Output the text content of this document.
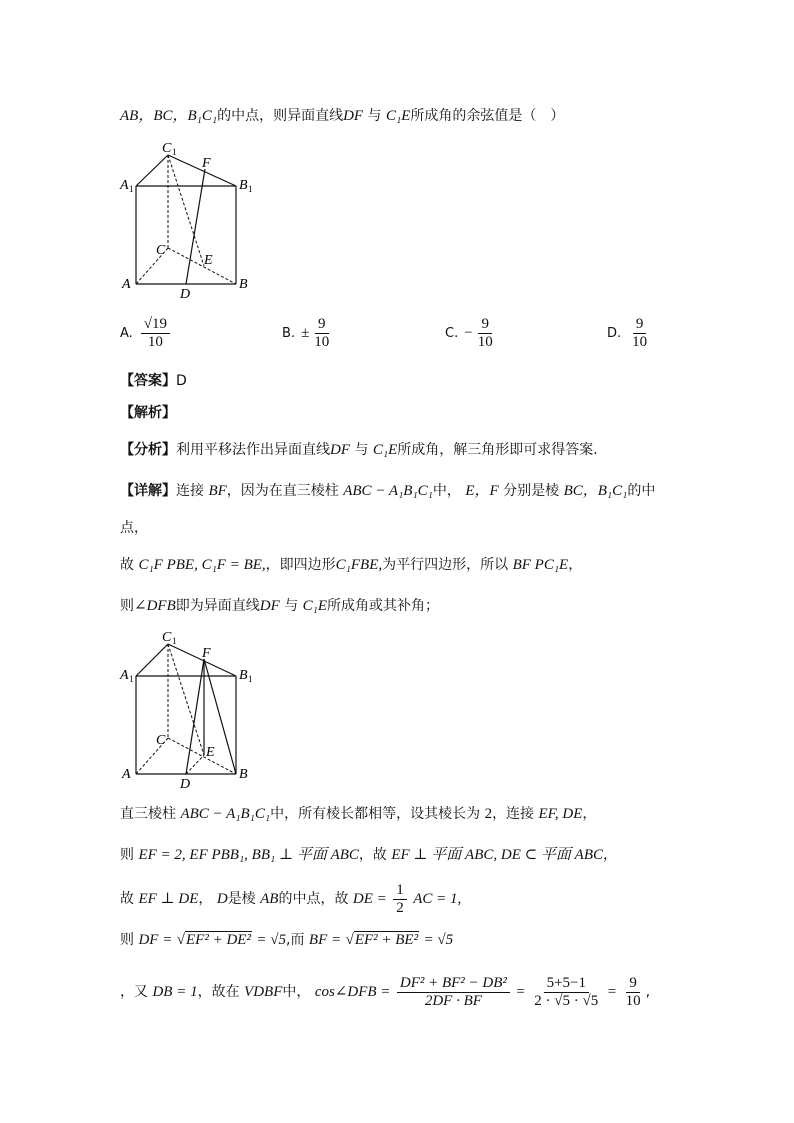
AB，BC，B₁C₁的中点，则异面直线DF 与 C₁E所成角的余弦值是（　）
C 1
F
A 1	B 1
C
E
A
D
B
A. $\frac{√19}{10}$	B. ± $\frac{9}{10}$	C. − $\frac{9}{10}$	D. $\frac{9}{10}$
【答案】D
【解析】
【分析】利用平移法作出异面直线DF 与 C₁E所成角，解三角形即可求得答案.
【详解】连接 BF，因为在直三棱柱 ABC − A₁B₁C₁中， E，F 分别是棱 BC，B₁C₁的中
点，
故 C₁F PBE, C₁F = BE,，即四边形C₁FBE,为平行四边形，所以 BF PC₁E，
则∠DFB即为异面直线DF 与 C₁E所成角或其补角；
C 1
F
A 1	B 1
C
E
A
D
B
直三棱柱 ABC − A₁B₁C₁中，所有棱长都相等，设其棱长为 2，连接 EF, DE，
则 EF = 2, EF PBB₁, BB₁ ⊥ 平面 ABC，故 EF ⊥ 平面 ABC, DE ⊂ 平面 ABC，
故 EF ⊥ DE， D是棱 AB的中点，故 DE = $\frac{1}{2}$ AC = 1,
则 DF = √EF² + DE² = √5,而 BF = √EF² + BE² = √5
，又 DB = 1，故在 VDBF中， cos∠DFB = $\frac{\text{DF² + BF² − DB²}}{2DF \cdot BF} = \frac{5+5-1}{2 \cdot √5 \cdot √5} = \frac{9}{10}$ ,
